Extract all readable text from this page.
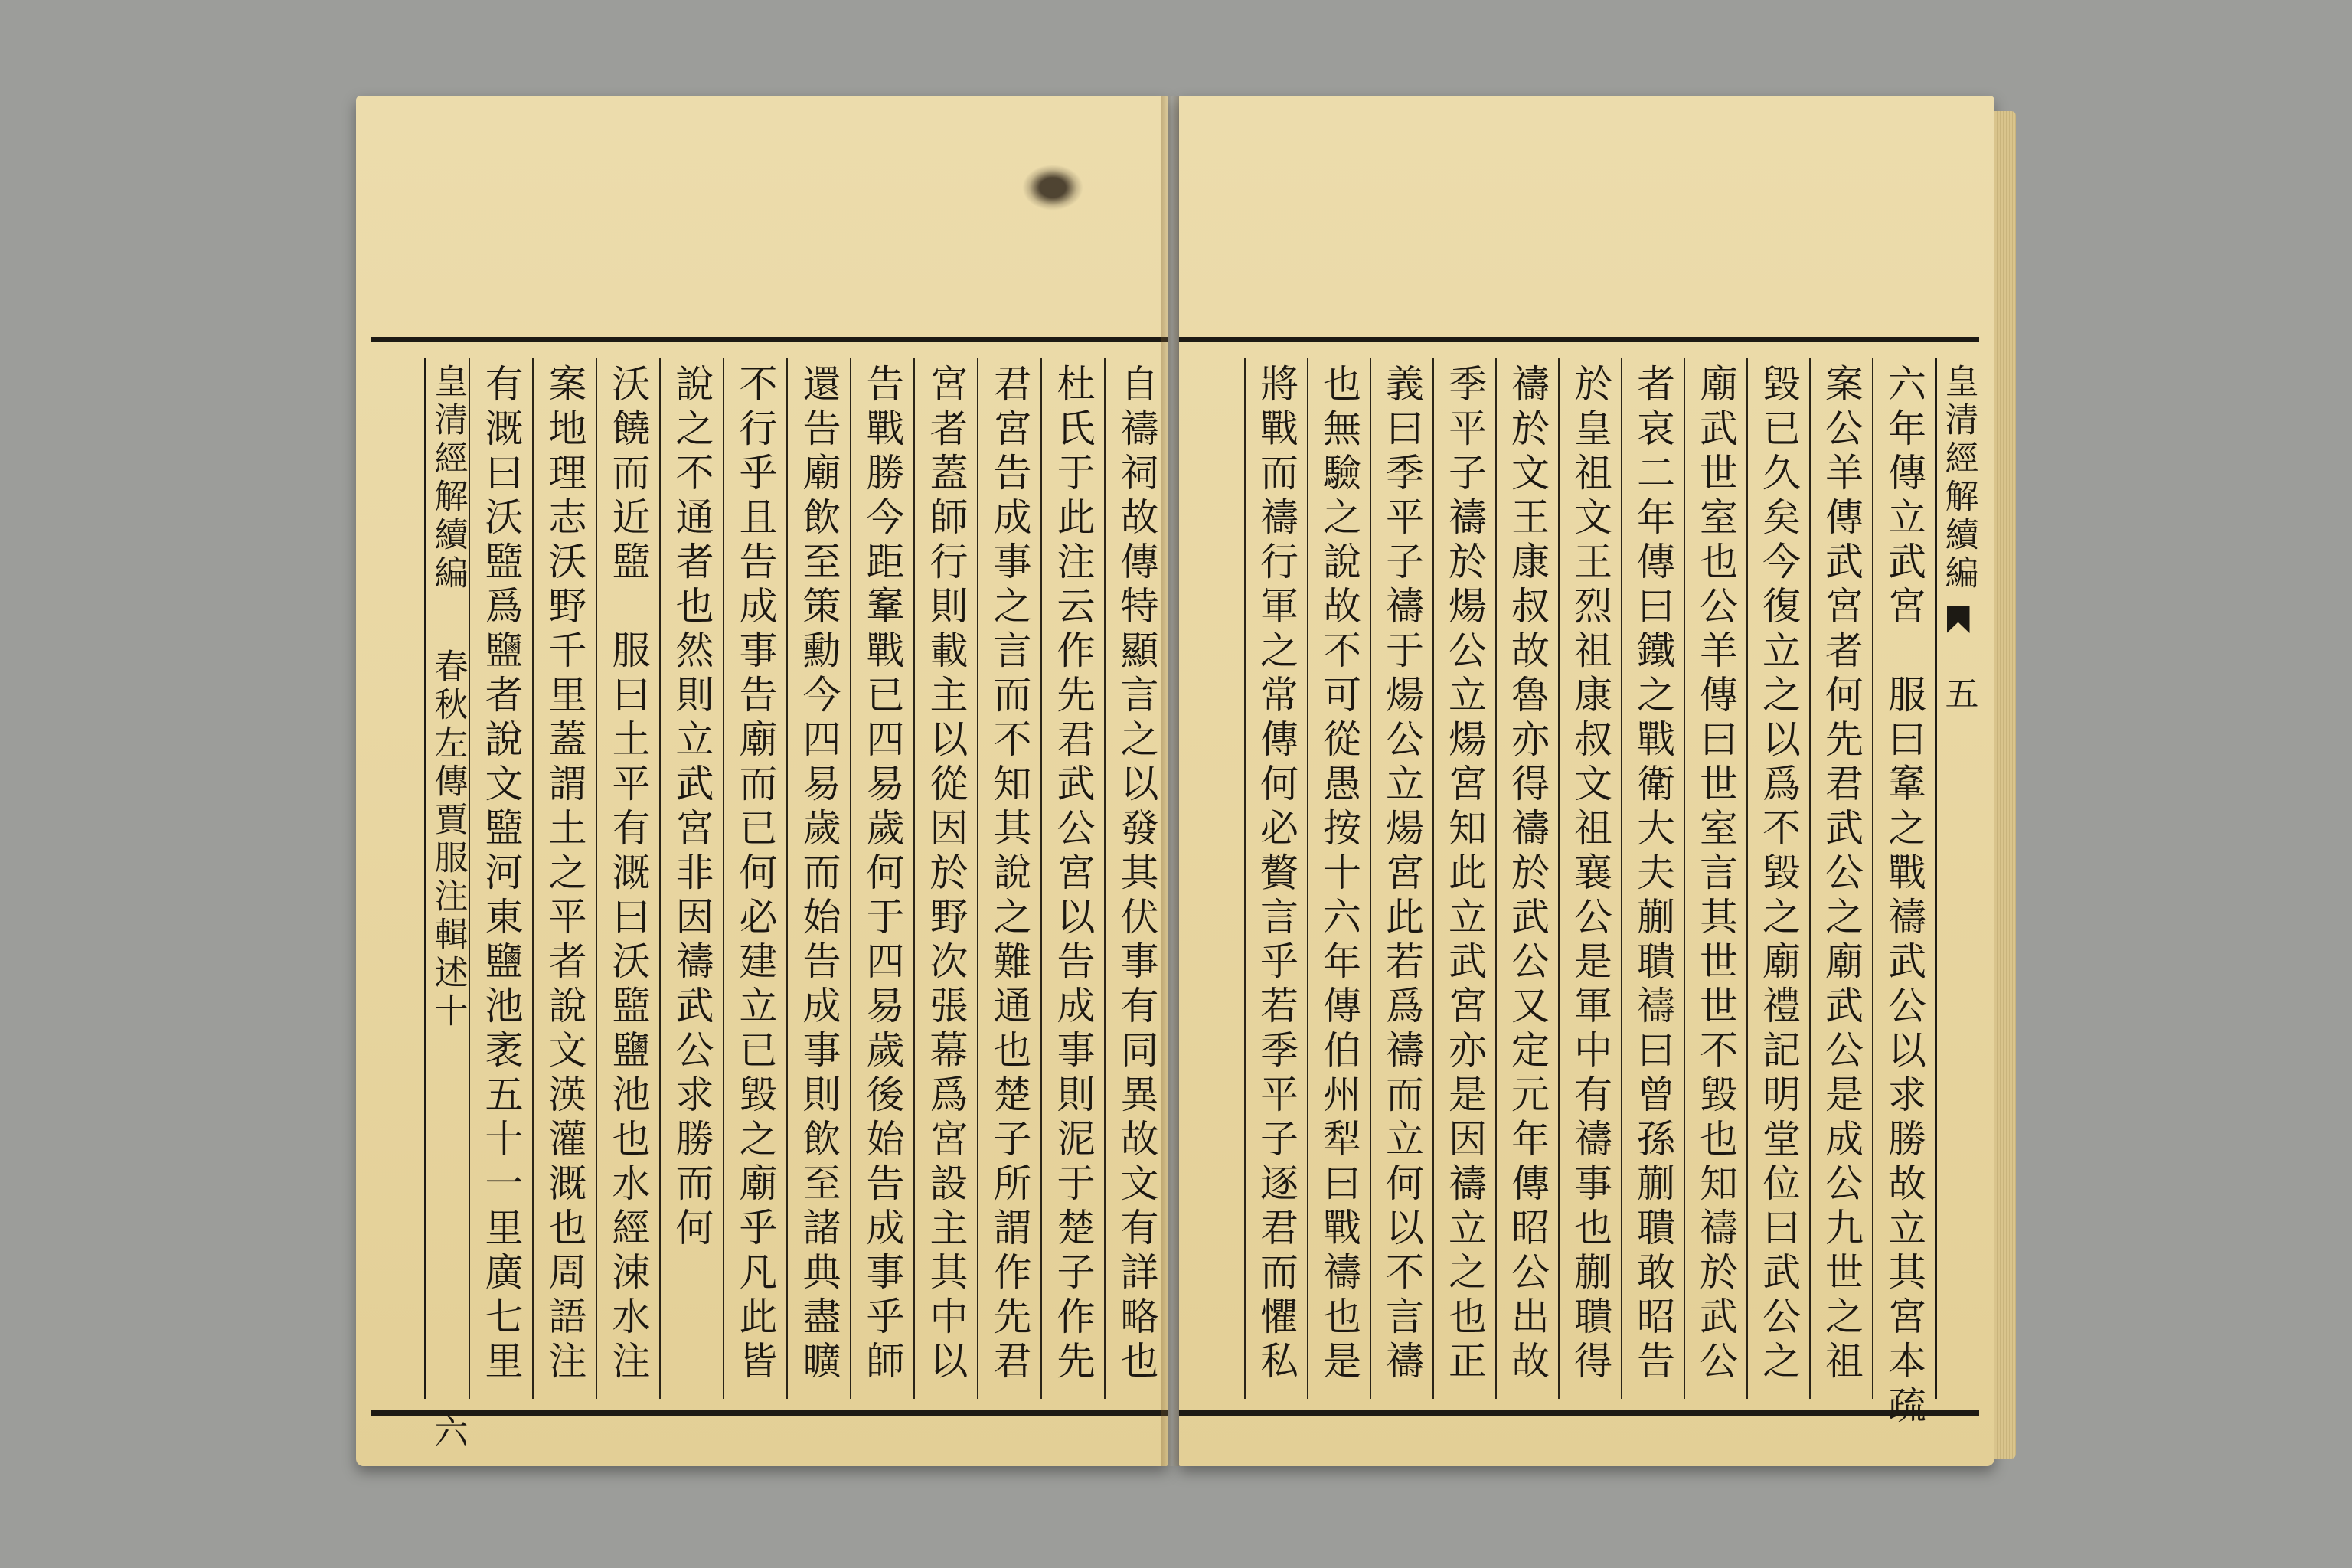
自禱祠故傳特顯言之以發其伏事有同異故文有詳略也
杜氏于此注云作先君武公宮以告成事則泥于楚子作先
君宮告成事之言而不知其說之難通也楚子所謂作先君
宮者蓋師行則載主以從因於野次張幕爲宮設主其中以
告戰勝今距鞌戰已四易歲何于四易歲後始告成事乎師
還告廟飲至策勳今四易歲而始告成事則飲至諸典盡曠
不行乎且告成事告廟而已何必建立已毀之廟乎凡此皆
說之不通者也然則立武宮非因禱武公求勝而何
沃饒而近盬　服曰土平有溉曰沃盬鹽池也水經涑水注
案地理志沃野千里蓋謂土之平者說文渶灌溉也周語注
有溉曰沃盬爲鹽者說文盬河東鹽池袤五十一里廣七里
皇清經解續編
春秋左傳賈服注輯述十
六
皇清經解續編
五
六年傳立武宮　服曰鞌之戰禱武公以求勝故立其宮本疏
案公羊傳武宮者何先君武公之廟武公是成公九世之祖
毀已久矣今復立之以爲不毀之廟禮記明堂位曰武公之
廟武世室也公羊傳曰世室言其世世不毀也知禱於武公
者哀二年傳曰鐵之戰衛大夫蒯聵禱曰曾孫蒯聵敢昭告
於皇祖文王烈祖康叔文祖襄公是軍中有禱事也蒯聵得
禱於文王康叔故魯亦得禱於武公又定元年傳昭公出故
季平子禱於煬公立煬宮知此立武宮亦是因禱立之也正
義曰季平子禱于煬公立煬宮此若爲禱而立何以不言禱
也無驗之說故不可從愚按十六年傳伯州犁曰戰禱也是
將戰而禱行軍之常傳何必贅言乎若季平子逐君而懼私
